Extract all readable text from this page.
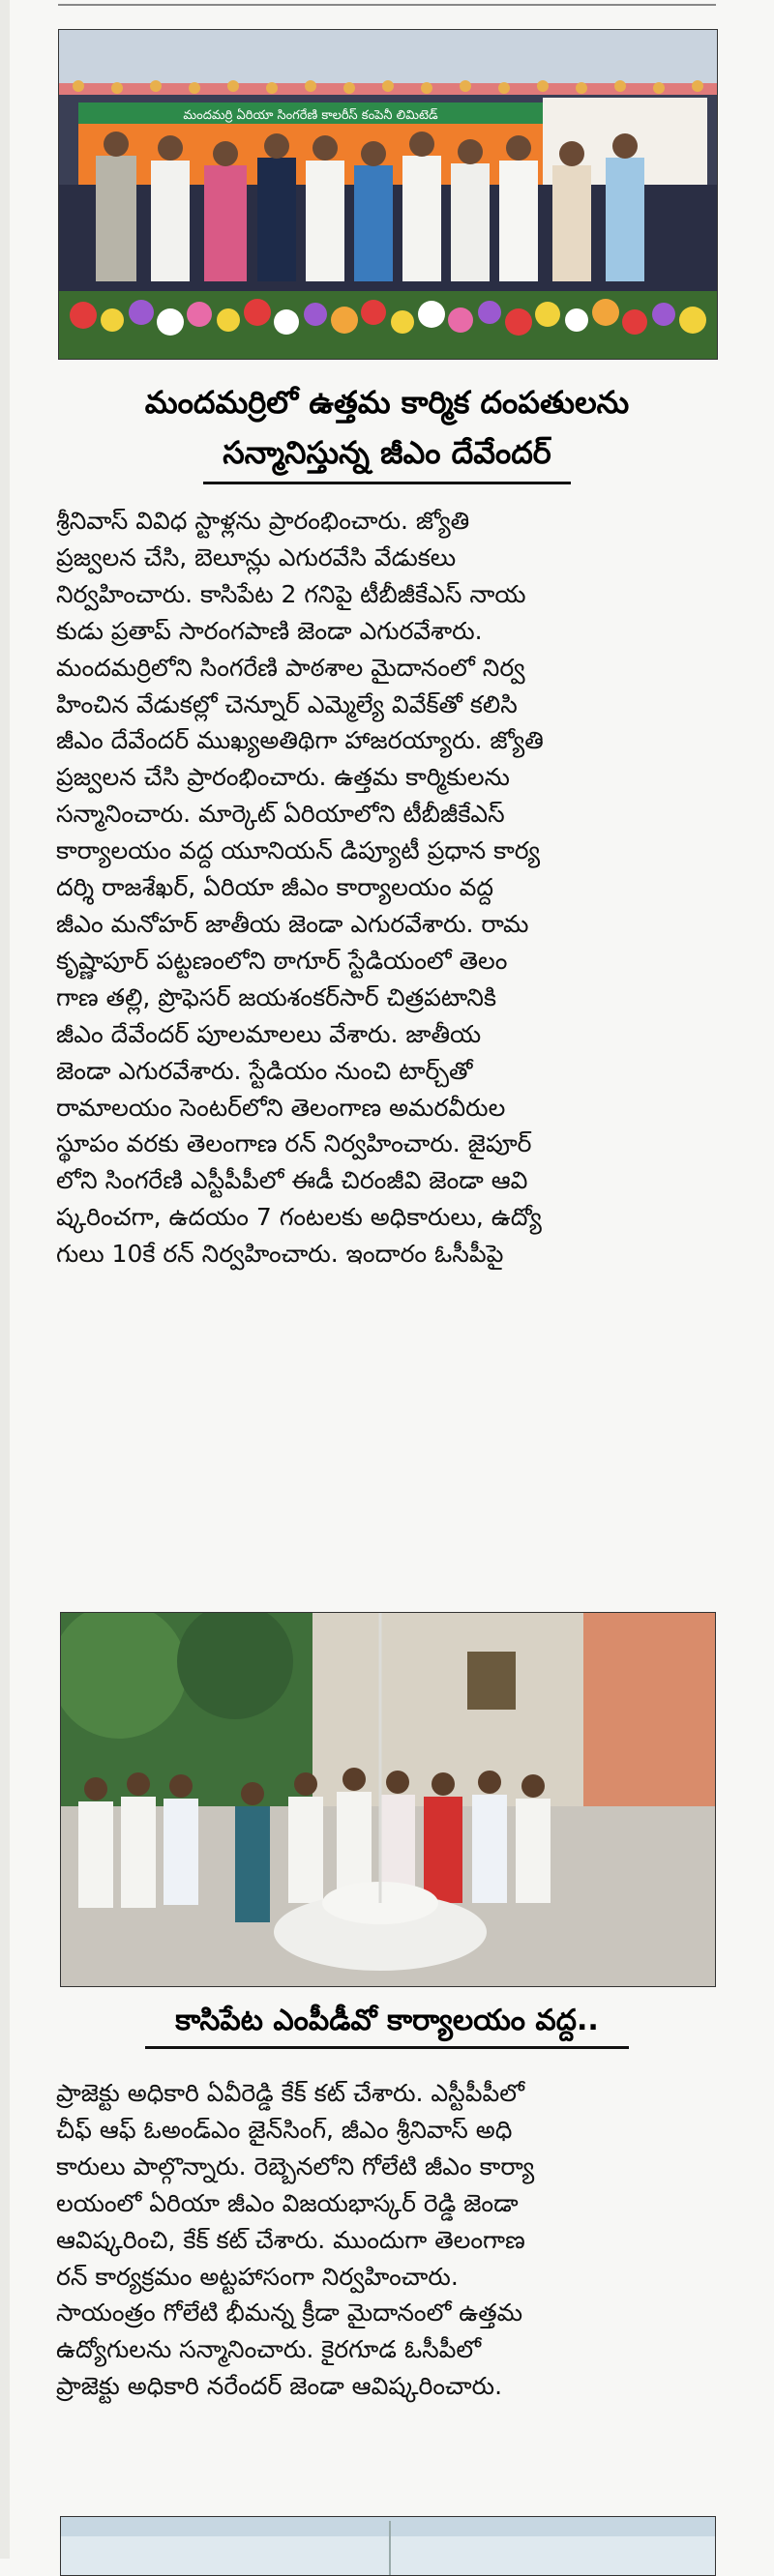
మందమర్రి ఏరియా సింగరేణి కాలరీస్ కంపెనీ లిమిటెడ్
మందమర్రిలో ఉత్తమ కార్మిక దంపతులను
సన్మానిస్తున్న జీఎం దేవేందర్

శ్రీనివాస్ వివిధ స్టాళ్లను ప్రారంభించారు. జ్యోతి
ప్రజ్వలన చేసి, బెలూన్లు ఎగురవేసి వేడుకలు
నిర్వహించారు. కాసిపేట 2 గనిపై టీబీజీకేఎస్ నాయ
కుడు ప్రతాప్ సారంగపాణి జెండా ఎగురవేశారు.
మందమర్రిలోని సింగరేణి పాఠశాల మైదానంలో నిర్వ
హించిన వేడుకల్లో చెన్నూర్ ఎమ్మెల్యే వివేక్‌తో కలిసి
జీఎం దేవేందర్ ముఖ్యఅతిథిగా హాజరయ్యారు. జ్యోతి
ప్రజ్వలన చేసి ప్రారంభించారు. ఉత్తమ కార్మికులను
సన్మానించారు. మార్కెట్ ఏరియాలోని టీబీజీకేఎస్
కార్యాలయం వద్ద యూనియన్ డిప్యూటీ ప్రధాన కార్య
దర్శి రాజశేఖర్, ఏరియా జీఎం కార్యాలయం వద్ద
జీఎం మనోహర్ జాతీయ జెండా ఎగురవేశారు. రామ
కృష్ణాపూర్ పట్టణంలోని ఠాగూర్ స్టేడియంలో తెలం
గాణ తల్లి, ప్రొఫెసర్ జయశంకర్‌సార్ చిత్రపటానికి
జీఎం దేవేందర్ పూలమాలలు వేశారు. జాతీయ
జెండా ఎగురవేశారు. స్టేడియం నుంచి టార్చ్‌తో
రామాలయం సెంటర్‌లోని తెలంగాణ అమరవీరుల
స్థూపం వరకు తెలంగాణ రన్ నిర్వహించారు. జైపూర్
లోని సింగరేణి ఎస్టీపీపీలో ఈడీ చిరంజీవి జెండా ఆవి
ష్కరించగా, ఉదయం 7 గంటలకు అధికారులు, ఉద్యో
గులు 10కే రన్ నిర్వహించారు. ఇందారం ఓసీపీపై

కాసిపేట ఎంపీడీవో కార్యాలయం వద్ద..

ప్రాజెక్టు అధికారి ఏవీరెడ్డి కేక్ కట్ చేశారు. ఎస్టీపీపీలో
చీఫ్ ఆఫ్ ఓఅండ్ఎం జైన్‌సింగ్, జీఎం శ్రీనివాస్ అధి
కారులు పాల్గొన్నారు. రెబ్బెనలోని గోలేటి జీఎం కార్యా
లయంలో ఏరియా జీఎం విజయభాస్కర్ రెడ్డి జెండా
ఆవిష్కరించి, కేక్ కట్ చేశారు. ముందుగా తెలంగాణ
రన్ కార్యక్రమం అట్టహాసంగా నిర్వహించారు.
సాయంత్రం గోలేటి భీమన్న క్రీడా మైదానంలో ఉత్తమ
ఉద్యోగులను సన్మానించారు. కైరగూడ ఓసీపీలో
ప్రాజెక్టు అధికారి నరేందర్ జెండా ఆవిష్కరించారు.
